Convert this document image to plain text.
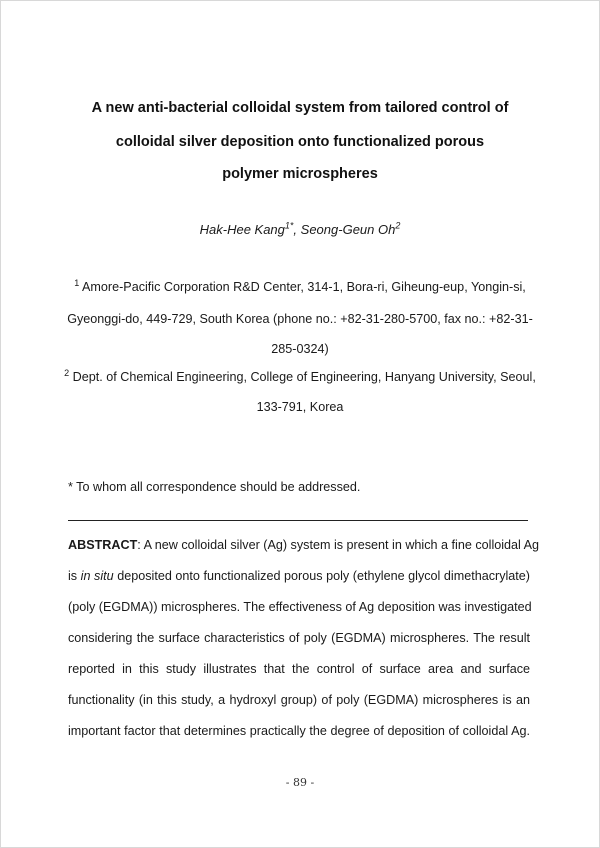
A new anti-bacterial colloidal system from tailored control of
colloidal silver deposition onto functionalized porous
polymer microspheres
Hak-Hee Kang$^{1*}$, Seong-Geun Oh$^2$
$^1$ Amore-Pacific Corporation R&D Center, 314-1, Bora-ri, Giheung-eup, Yongin-si,
Gyeonggi-do, 449-729, South Korea (phone no.: +82-31-280-5700, fax no.: +82-31-
285-0324)
$^2$ Dept. of Chemical Engineering, College of Engineering, Hanyang University, Seoul,
133-791, Korea
* To whom all correspondence should be addressed.
ABSTRACT: A new colloidal silver (Ag) system is present in which a fine colloidal Ag
is in situ deposited onto functionalized porous poly (ethylene glycol dimethacrylate)
(poly (EGDMA)) microspheres. The effectiveness of Ag deposition was investigated
considering the surface characteristics of poly (EGDMA) microspheres. The result
reported in this study illustrates that the control of surface area and surface
functionality (in this study, a hydroxyl group) of poly (EGDMA) microspheres is an
important factor that determines practically the degree of deposition of colloidal Ag.
- 89 -
